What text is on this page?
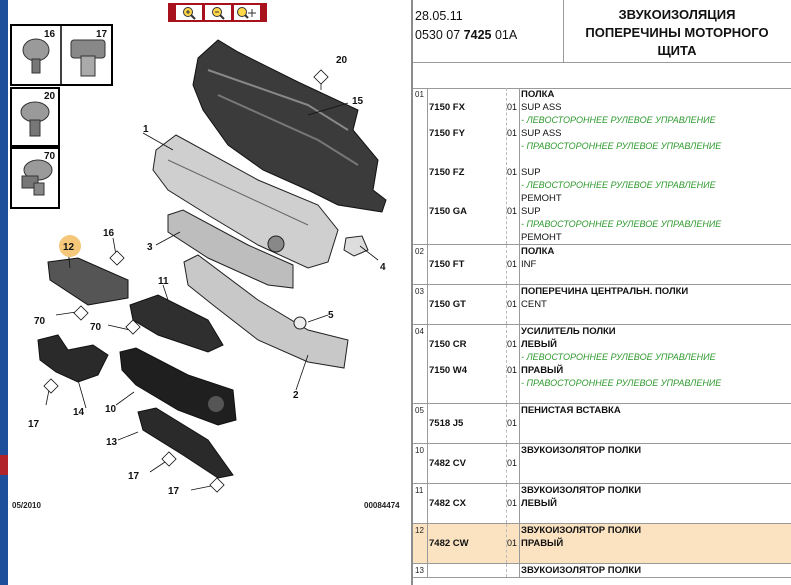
16	17
20
70
20
15
1
3
4
5
2
12
16
70
70
11
14
17
10
13
17
17
05/2010	00084474
28.05.11
0530 07 7425 01A
ЗВУКОИЗОЛЯЦИЯ
ПОПЕРЕЧИНЫ МОТОРНОГО
ЩИТА
01	ПОЛКА
7150 FX	01 SUP ASS
- ЛЕВОСТОРОННЕЕ РУЛЕВОЕ УПРАВЛЕНИЕ
7150 FY	01 SUP ASS
- ПРАВОСТОРОННЕЕ РУЛЕВОЕ УПРАВЛЕНИЕ
7150 FZ	01 SUP
- ЛЕВОСТОРОННЕЕ РУЛЕВОЕ УПРАВЛЕНИЕ
РЕМОНТ
7150 GA	01 SUP
- ПРАВОСТОРОННЕЕ РУЛЕВОЕ УПРАВЛЕНИЕ
РЕМОНТ
02	ПОЛКА
7150 FT	01 INF
03	ПОПЕРЕЧИНА ЦЕНТРАЛЬН. ПОЛКИ
7150 GT	01 CENT
04	УСИЛИТЕЛЬ ПОЛКИ
7150 CR	01 ЛЕВЫЙ
- ЛЕВОСТОРОННЕЕ РУЛЕВОЕ УПРАВЛЕНИЕ
7150 W4	01 ПРАВЫЙ
- ПРАВОСТОРОННЕЕ РУЛЕВОЕ УПРАВЛЕНИЕ
05	ПЕНИСТАЯ ВСТАВКА
7518 J5	01
10	ЗВУКОИЗОЛЯТОР ПОЛКИ
7482 CV	01
11	ЗВУКОИЗОЛЯТОР ПОЛКИ
7482 CX	01 ЛЕВЫЙ
12	ЗВУКОИЗОЛЯТОР ПОЛКИ
7482 CW	01 ПРАВЫЙ
13	ЗВУКОИЗОЛЯТОР ПОЛКИ
